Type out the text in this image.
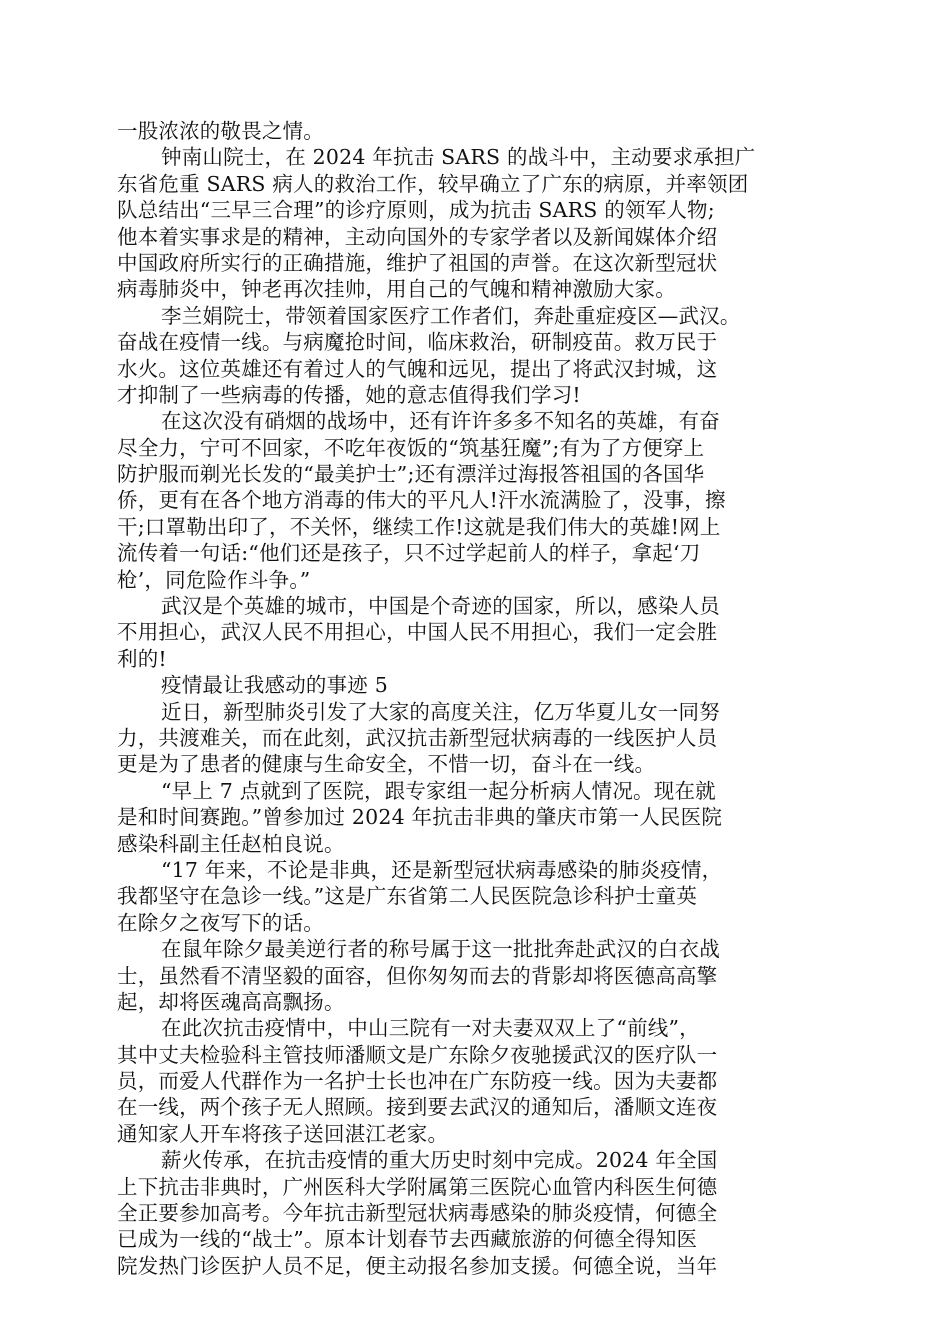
一股浓浓的敬畏之情。
钟南山院士，在 2024 年抗击 SARS 的战斗中，主动要求承担广
东省危重 SARS 病人的救治工作，较早确立了广东的病原，并率领团
队总结出“三早三合理”的诊疗原则，成为抗击 SARS 的领军人物;
他本着实事求是的精神，主动向国外的专家学者以及新闻媒体介绍
中国政府所实行的正确措施，维护了祖国的声誉。在这次新型冠状
病毒肺炎中，钟老再次挂帅，用自己的气魄和精神激励大家。
李兰娟院士，带领着国家医疗工作者们，奔赴重症疫区—武汉。
奋战在疫情一线。与病魔抢时间，临床救治，研制疫苗。救万民于
水火。这位英雄还有着过人的气魄和远见，提出了将武汉封城，这
才抑制了一些病毒的传播，她的意志值得我们学习!
在这次没有硝烟的战场中，还有许许多多不知名的英雄，有奋
尽全力，宁可不回家，不吃年夜饭的“筑基狂魔”;有为了方便穿上
防护服而剃光长发的“最美护士”;还有漂洋过海报答祖国的各国华
侨，更有在各个地方消毒的伟大的平凡人!汗水流满脸了，没事，擦
干;口罩勒出印了，不关怀，继续工作!这就是我们伟大的英雄!网上
流传着一句话:“他们还是孩子，只不过学起前人的样子，拿起‘刀
枪’，同危险作斗争。”
武汉是个英雄的城市，中国是个奇迹的国家，所以，感染人员
不用担心，武汉人民不用担心，中国人民不用担心，我们一定会胜
利的!
疫情最让我感动的事迹 5
近日，新型肺炎引发了大家的高度关注，亿万华夏儿女一同努
力，共渡难关，而在此刻，武汉抗击新型冠状病毒的一线医护人员
更是为了患者的健康与生命安全，不惜一切，奋斗在一线。
“早上 7 点就到了医院，跟专家组一起分析病人情况。现在就
是和时间赛跑。”曾参加过 2024 年抗击非典的肇庆市第一人民医院
感染科副主任赵柏良说。
“17 年来，不论是非典，还是新型冠状病毒感染的肺炎疫情，
我都坚守在急诊一线。”这是广东省第二人民医院急诊科护士童英
在除夕之夜写下的话。
在鼠年除夕最美逆行者的称号属于这一批批奔赴武汉的白衣战
士，虽然看不清坚毅的面容，但你匆匆而去的背影却将医德高高擎
起，却将医魂高高飘扬。
在此次抗击疫情中，中山三院有一对夫妻双双上了“前线”，
其中丈夫检验科主管技师潘顺文是广东除夕夜驰援武汉的医疗队一
员，而爱人代群作为一名护士长也冲在广东防疫一线。因为夫妻都
在一线，两个孩子无人照顾。接到要去武汉的通知后，潘顺文连夜
通知家人开车将孩子送回湛江老家。
薪火传承，在抗击疫情的重大历史时刻中完成。2024 年全国
上下抗击非典时，广州医科大学附属第三医院心血管内科医生何德
全正要参加高考。今年抗击新型冠状病毒感染的肺炎疫情，何德全
已成为一线的“战士”。原本计划春节去西藏旅游的何德全得知医
院发热门诊医护人员不足，便主动报名参加支援。何德全说，当年
